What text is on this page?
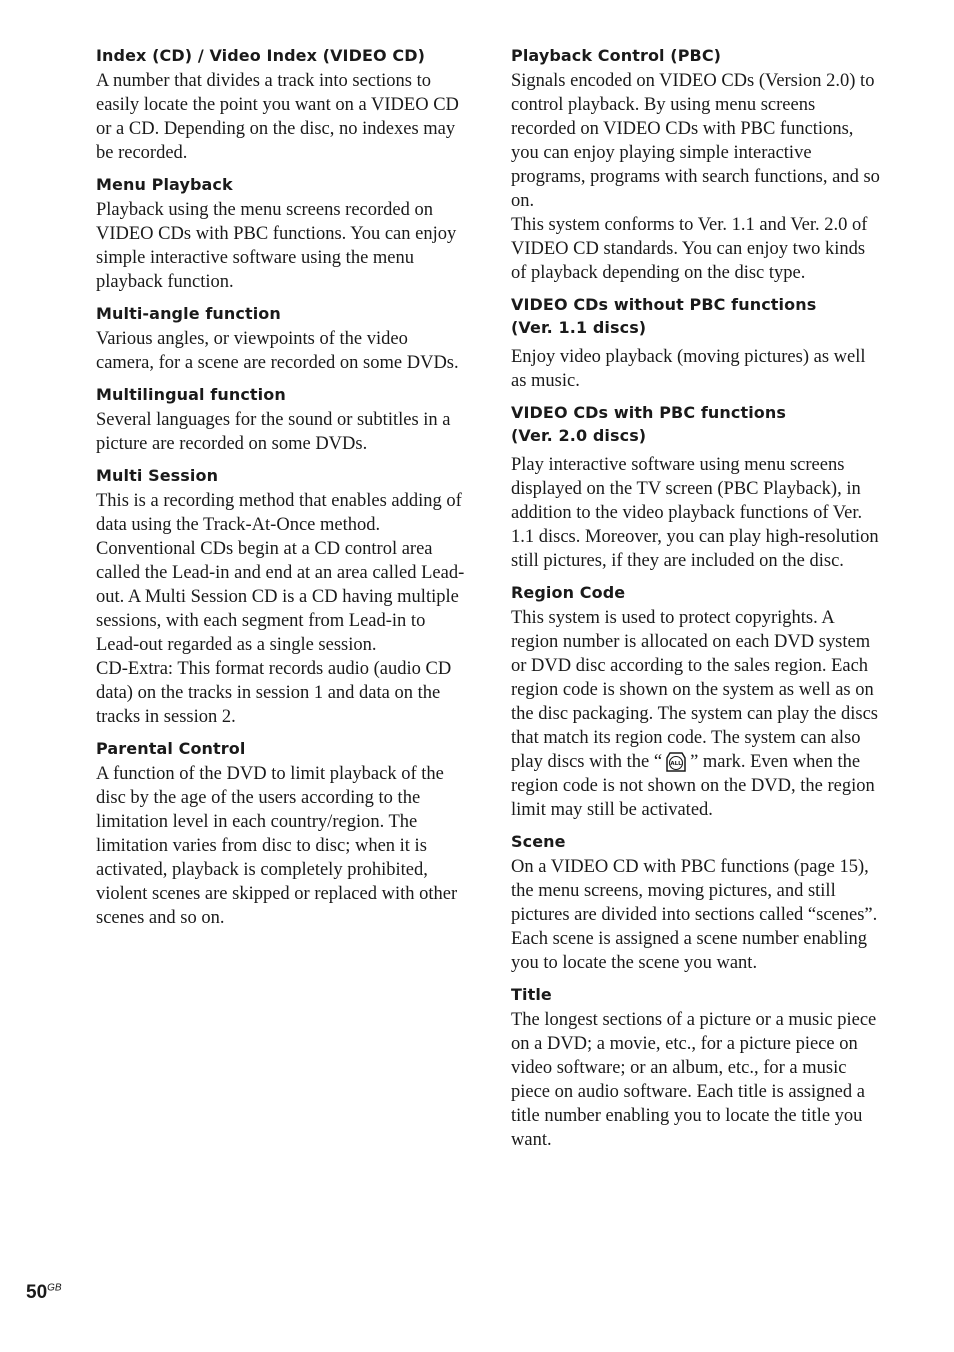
Index (CD) / Video Index (VIDEO CD)

A number that divides a track into sections to easily locate the point you want on a VIDEO CD or a CD. Depending on the disc, no indexes may be recorded.

Menu Playback

Playback using the menu screens recorded on VIDEO CDs with PBC functions. You can enjoy simple interactive software using the menu playback function.

Multi-angle function

Various angles, or viewpoints of the video camera, for a scene are recorded on some DVDs.

Multilingual function

Several languages for the sound or subtitles in a picture are recorded on some DVDs.

Multi Session

This is a recording method that enables adding of data using the Track-At-Once method. Conventional CDs begin at a CD control area called the Lead-in and end at an area called Lead-out. A Multi Session CD is a CD having multiple sessions, with each segment from Lead-in to Lead-out regarded as a single session.
CD-Extra: This format records audio (audio CD data) on the tracks in session 1 and data on the tracks in session 2.

Parental Control

A function of the DVD to limit playback of the disc by the age of the users according to the limitation level in each country/region. The limitation varies from disc to disc; when it is activated, playback is completely prohibited, violent scenes are skipped or replaced with other scenes and so on.

Playback Control (PBC)

Signals encoded on VIDEO CDs (Version 2.0) to control playback. By using menu screens recorded on VIDEO CDs with PBC functions, you can enjoy playing simple interactive programs, programs with search functions, and so on.
This system conforms to Ver. 1.1 and Ver. 2.0 of VIDEO CD standards. You can enjoy two kinds of playback depending on the disc type.

VIDEO CDs without PBC functions
(Ver. 1.1 discs)

Enjoy video playback (moving pictures) as well as music.

VIDEO CDs with PBC functions
(Ver. 2.0 discs)

Play interactive software using menu screens displayed on the TV screen (PBC Playback), in addition to the video playback functions of Ver. 1.1 discs. Moreover, you can play high-resolution still pictures, if they are included on the disc.

Region Code

This system is used to protect copyrights. A region number is allocated on each DVD system or DVD disc according to the sales region. Each region code is shown on the system as well as on the disc packaging. The system can play the discs that match its region code. The system can also play discs with the “ ALL ” mark. Even when the region code is not shown on the DVD, the region limit may still be activated.

Scene

On a VIDEO CD with PBC functions (page 15), the menu screens, moving pictures, and still pictures are divided into sections called “scenes”. Each scene is assigned a scene number enabling you to locate the scene you want.

Title

The longest sections of a picture or a music piece on a DVD; a movie, etc., for a picture piece on video software; or an album, etc., for a music piece on audio software. Each title is assigned a title number enabling you to locate the title you want.

$50^{GB}$
